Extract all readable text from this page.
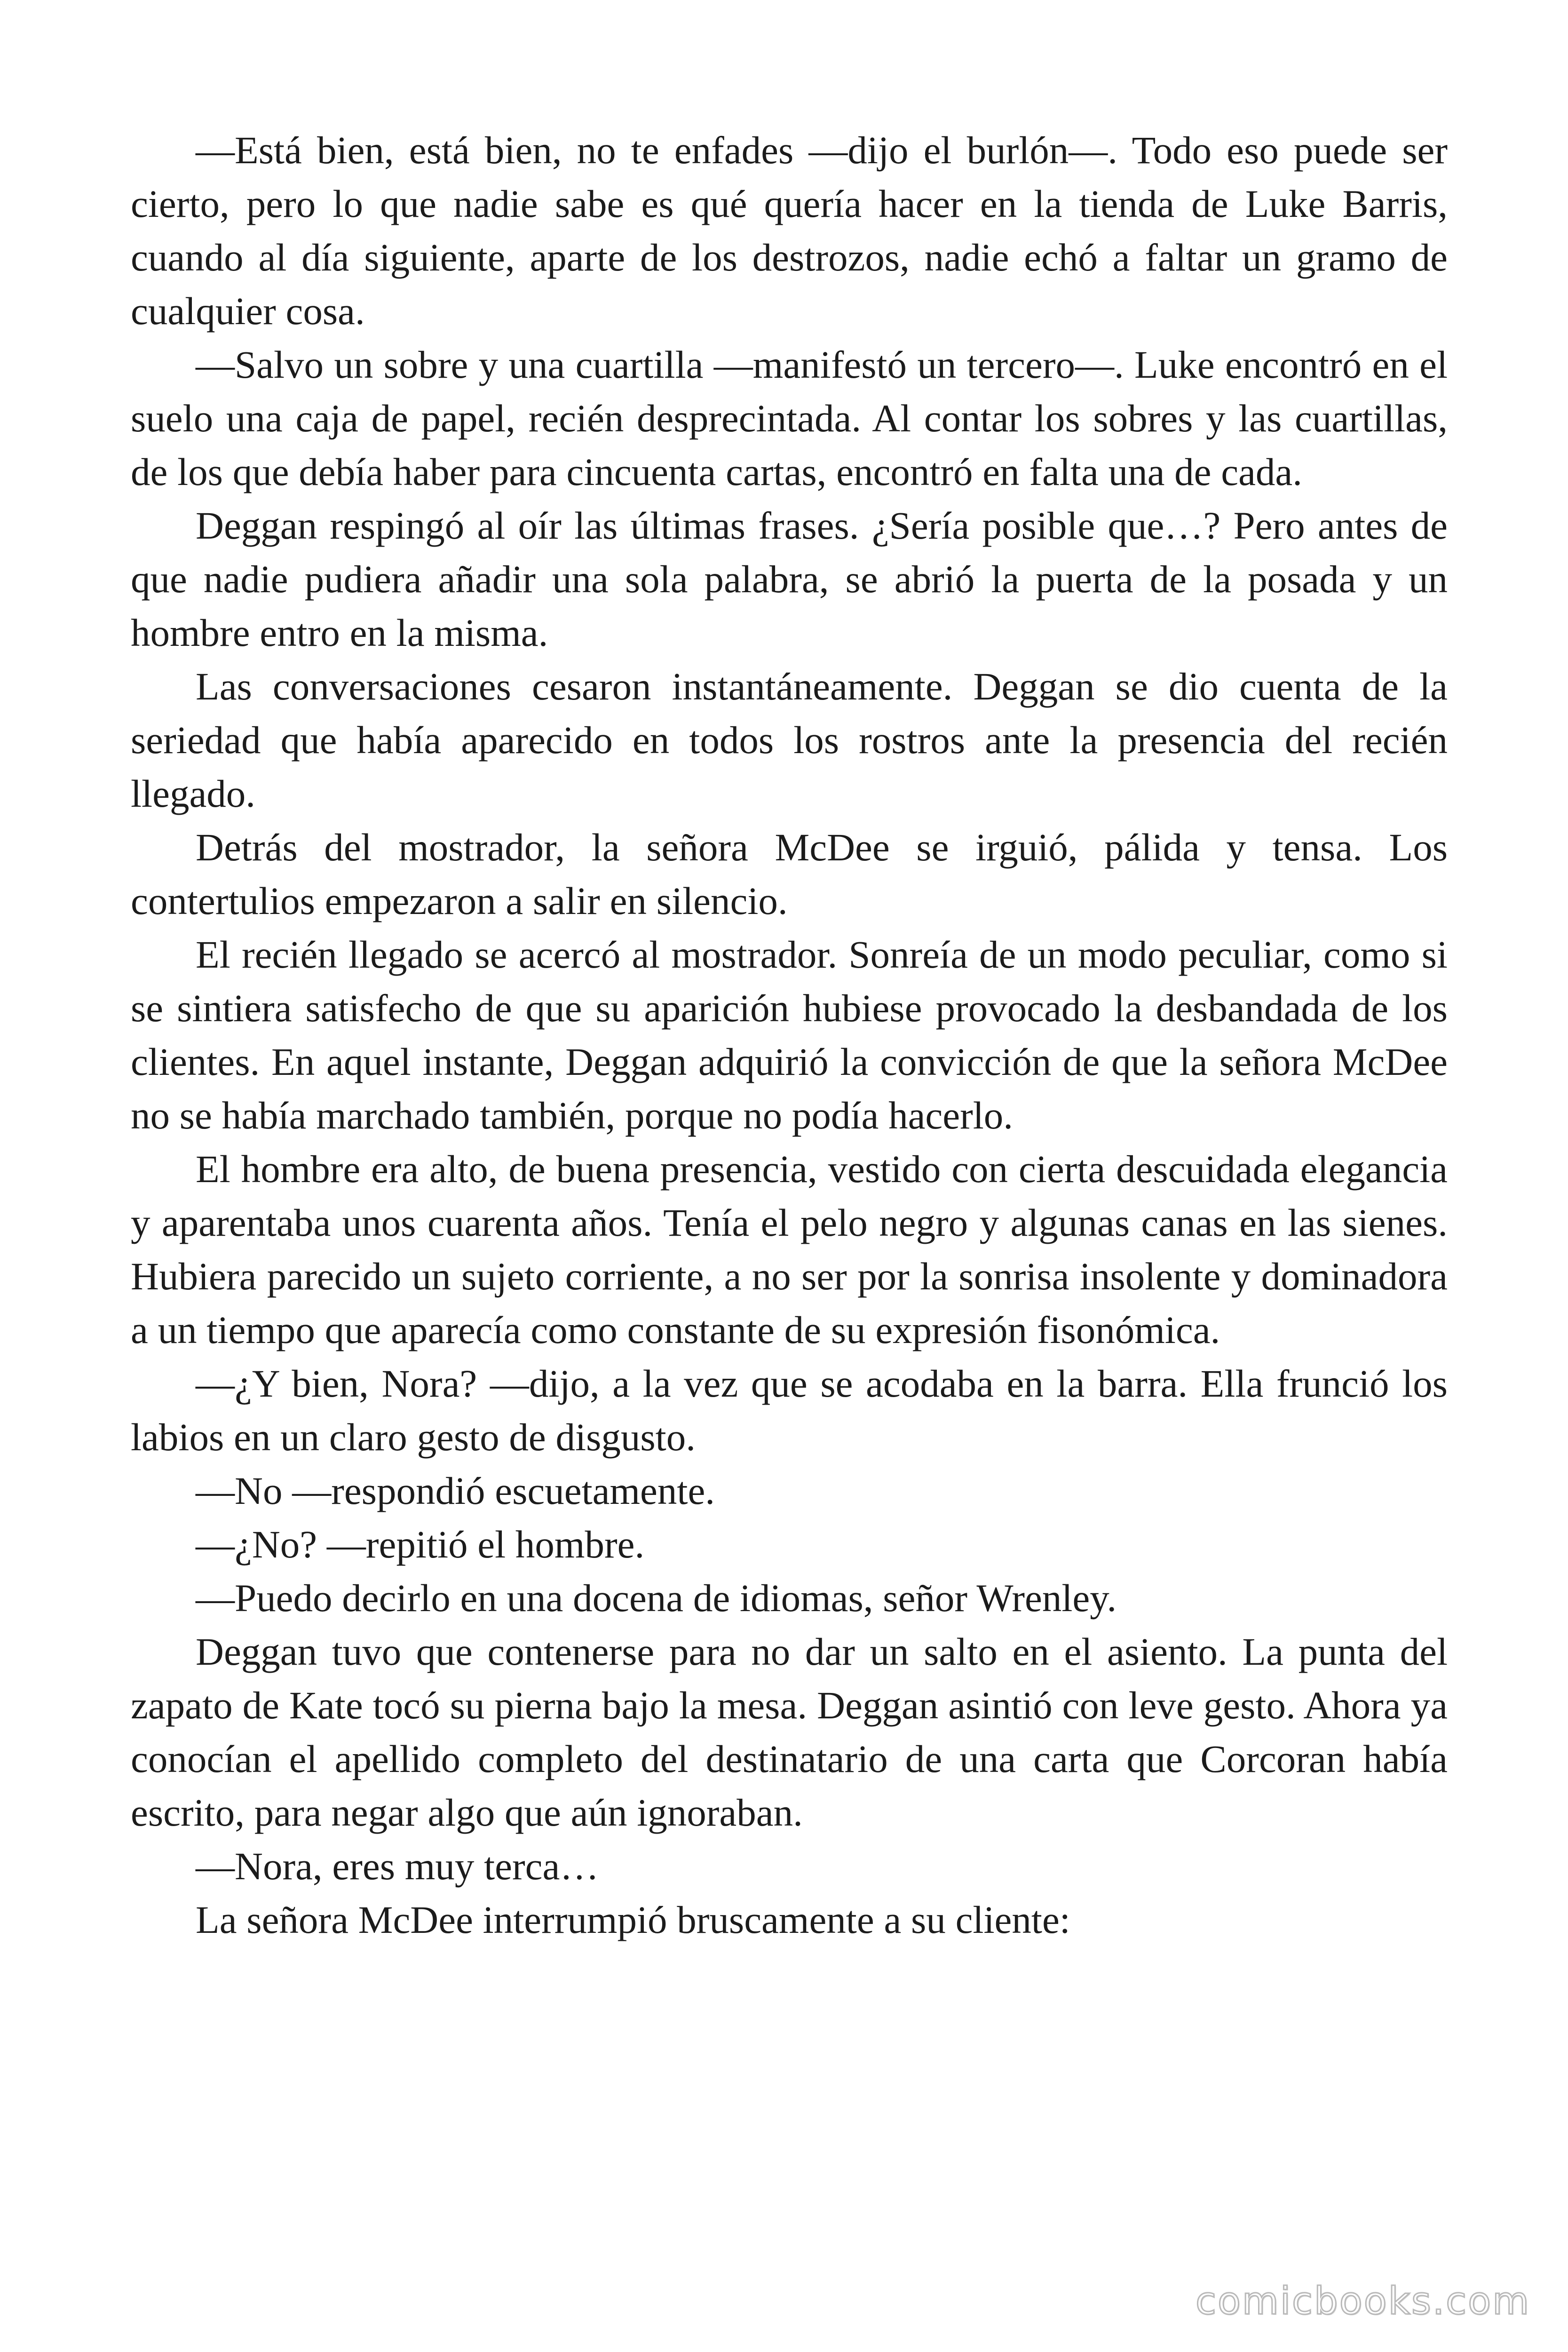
—Está bien, está bien, no te enfades —dijo el burlón—. Todo eso puede ser cierto, pero lo que nadie sabe es qué quería hacer en la tienda de Luke Barris, cuando al día siguiente, aparte de los destrozos, nadie echó a faltar un gramo de cualquier cosa.

—Salvo un sobre y una cuartilla —manifestó un tercero—. Luke encontró en el suelo una caja de papel, recién desprecintada. Al contar los sobres y las cuartillas, de los que debía haber para cincuenta cartas, encontró en falta una de cada.

Deggan respingó al oír las últimas frases. ¿Sería posible que…? Pero antes de que nadie pudiera añadir una sola palabra, se abrió la puerta de la posada y un hombre entro en la misma.

Las conversaciones cesaron instantáneamente. Deggan se dio cuenta de la seriedad que había aparecido en todos los rostros ante la presencia del recién llegado.

Detrás del mostrador, la señora McDee se irguió, pálida y tensa. Los contertulios empezaron a salir en silencio.

El recién llegado se acercó al mostrador. Sonreía de un modo peculiar, como si se sintiera satisfecho de que su aparición hubiese provocado la desbandada de los clientes. En aquel instante, Deggan adquirió la convicción de que la señora McDee no se había marchado también, porque no podía hacerlo.

El hombre era alto, de buena presencia, vestido con cierta descuidada elegancia y aparentaba unos cuarenta años. Tenía el pelo negro y algunas canas en las sienes. Hubiera parecido un sujeto corriente, a no ser por la sonrisa insolente y dominadora a un tiempo que aparecía como constante de su expresión fisonómica.

—¿Y bien, Nora? —dijo, a la vez que se acodaba en la barra. Ella frunció los labios en un claro gesto de disgusto.

—No —respondió escuetamente.

—¿No? —repitió el hombre.

—Puedo decirlo en una docena de idiomas, señor Wrenley.

Deggan tuvo que contenerse para no dar un salto en el asiento. La punta del zapato de Kate tocó su pierna bajo la mesa. Deggan asintió con leve gesto. Ahora ya conocían el apellido completo del destinatario de una carta que Corcoran había escrito, para negar algo que aún ignoraban.

—Nora, eres muy terca…

La señora McDee interrumpió bruscamente a su cliente:

comicbooks.com
